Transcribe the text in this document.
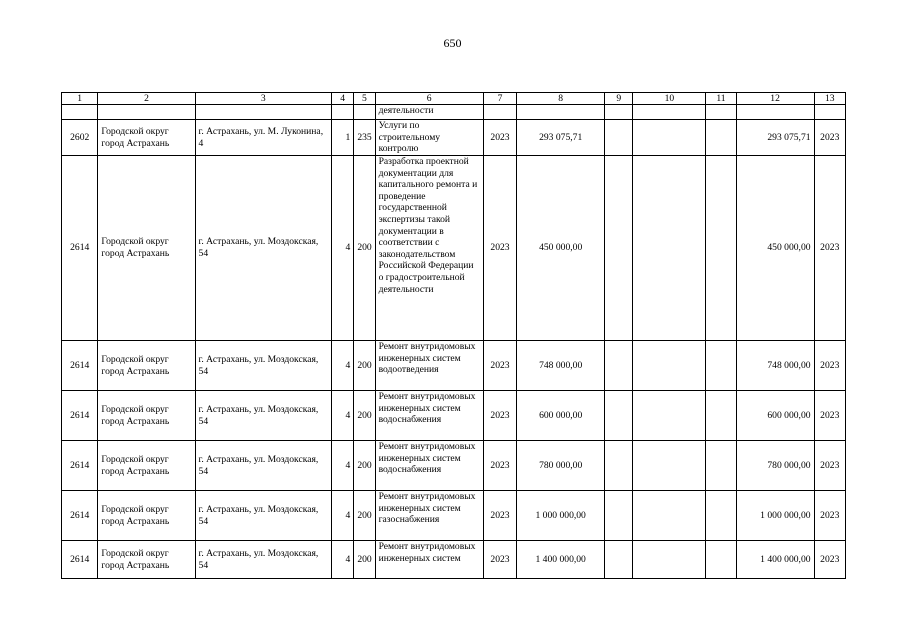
650
1	2	3	4	5	6	7	8	9	10	11	12	13
					деятельности							
2602	Городской округ город Астрахань	г. Астрахань, ул. М. Луконина, 4	1	235	Услуги по строительному контролю	2023	293 075,71				293 075,71	2023
2614	Городской округ город Астрахань	г. Астрахань, ул. Моздокская, 54	4	200	Разработка проектной документации для капитального ремонта и проведение государственной экспертизы такой документации в соответствии с законодательством Российской Федерации о градостроительной деятельности	2023	450 000,00				450 000,00	2023
2614	Городской округ город Астрахань	г. Астрахань, ул. Моздокская, 54	4	200	Ремонт внутридомовых инженерных систем водоотведения	2023	748 000,00				748 000,00	2023
2614	Городской округ город Астрахань	г. Астрахань, ул. Моздокская, 54	4	200	Ремонт внутридомовых инженерных систем водоснабжения	2023	600 000,00				600 000,00	2023
2614	Городской округ город Астрахань	г. Астрахань, ул. Моздокская, 54	4	200	Ремонт внутридомовых инженерных систем водоснабжения	2023	780 000,00				780 000,00	2023
2614	Городской округ город Астрахань	г. Астрахань, ул. Моздокская, 54	4	200	Ремонт внутридомовых инженерных систем газоснабжения	2023	1 000 000,00				1 000 000,00	2023
2614	Городской округ город Астрахань	г. Астрахань, ул. Моздокская, 54	4	200	Ремонт внутридомовых инженерных систем	2023	1 400 000,00				1 400 000,00	2023
